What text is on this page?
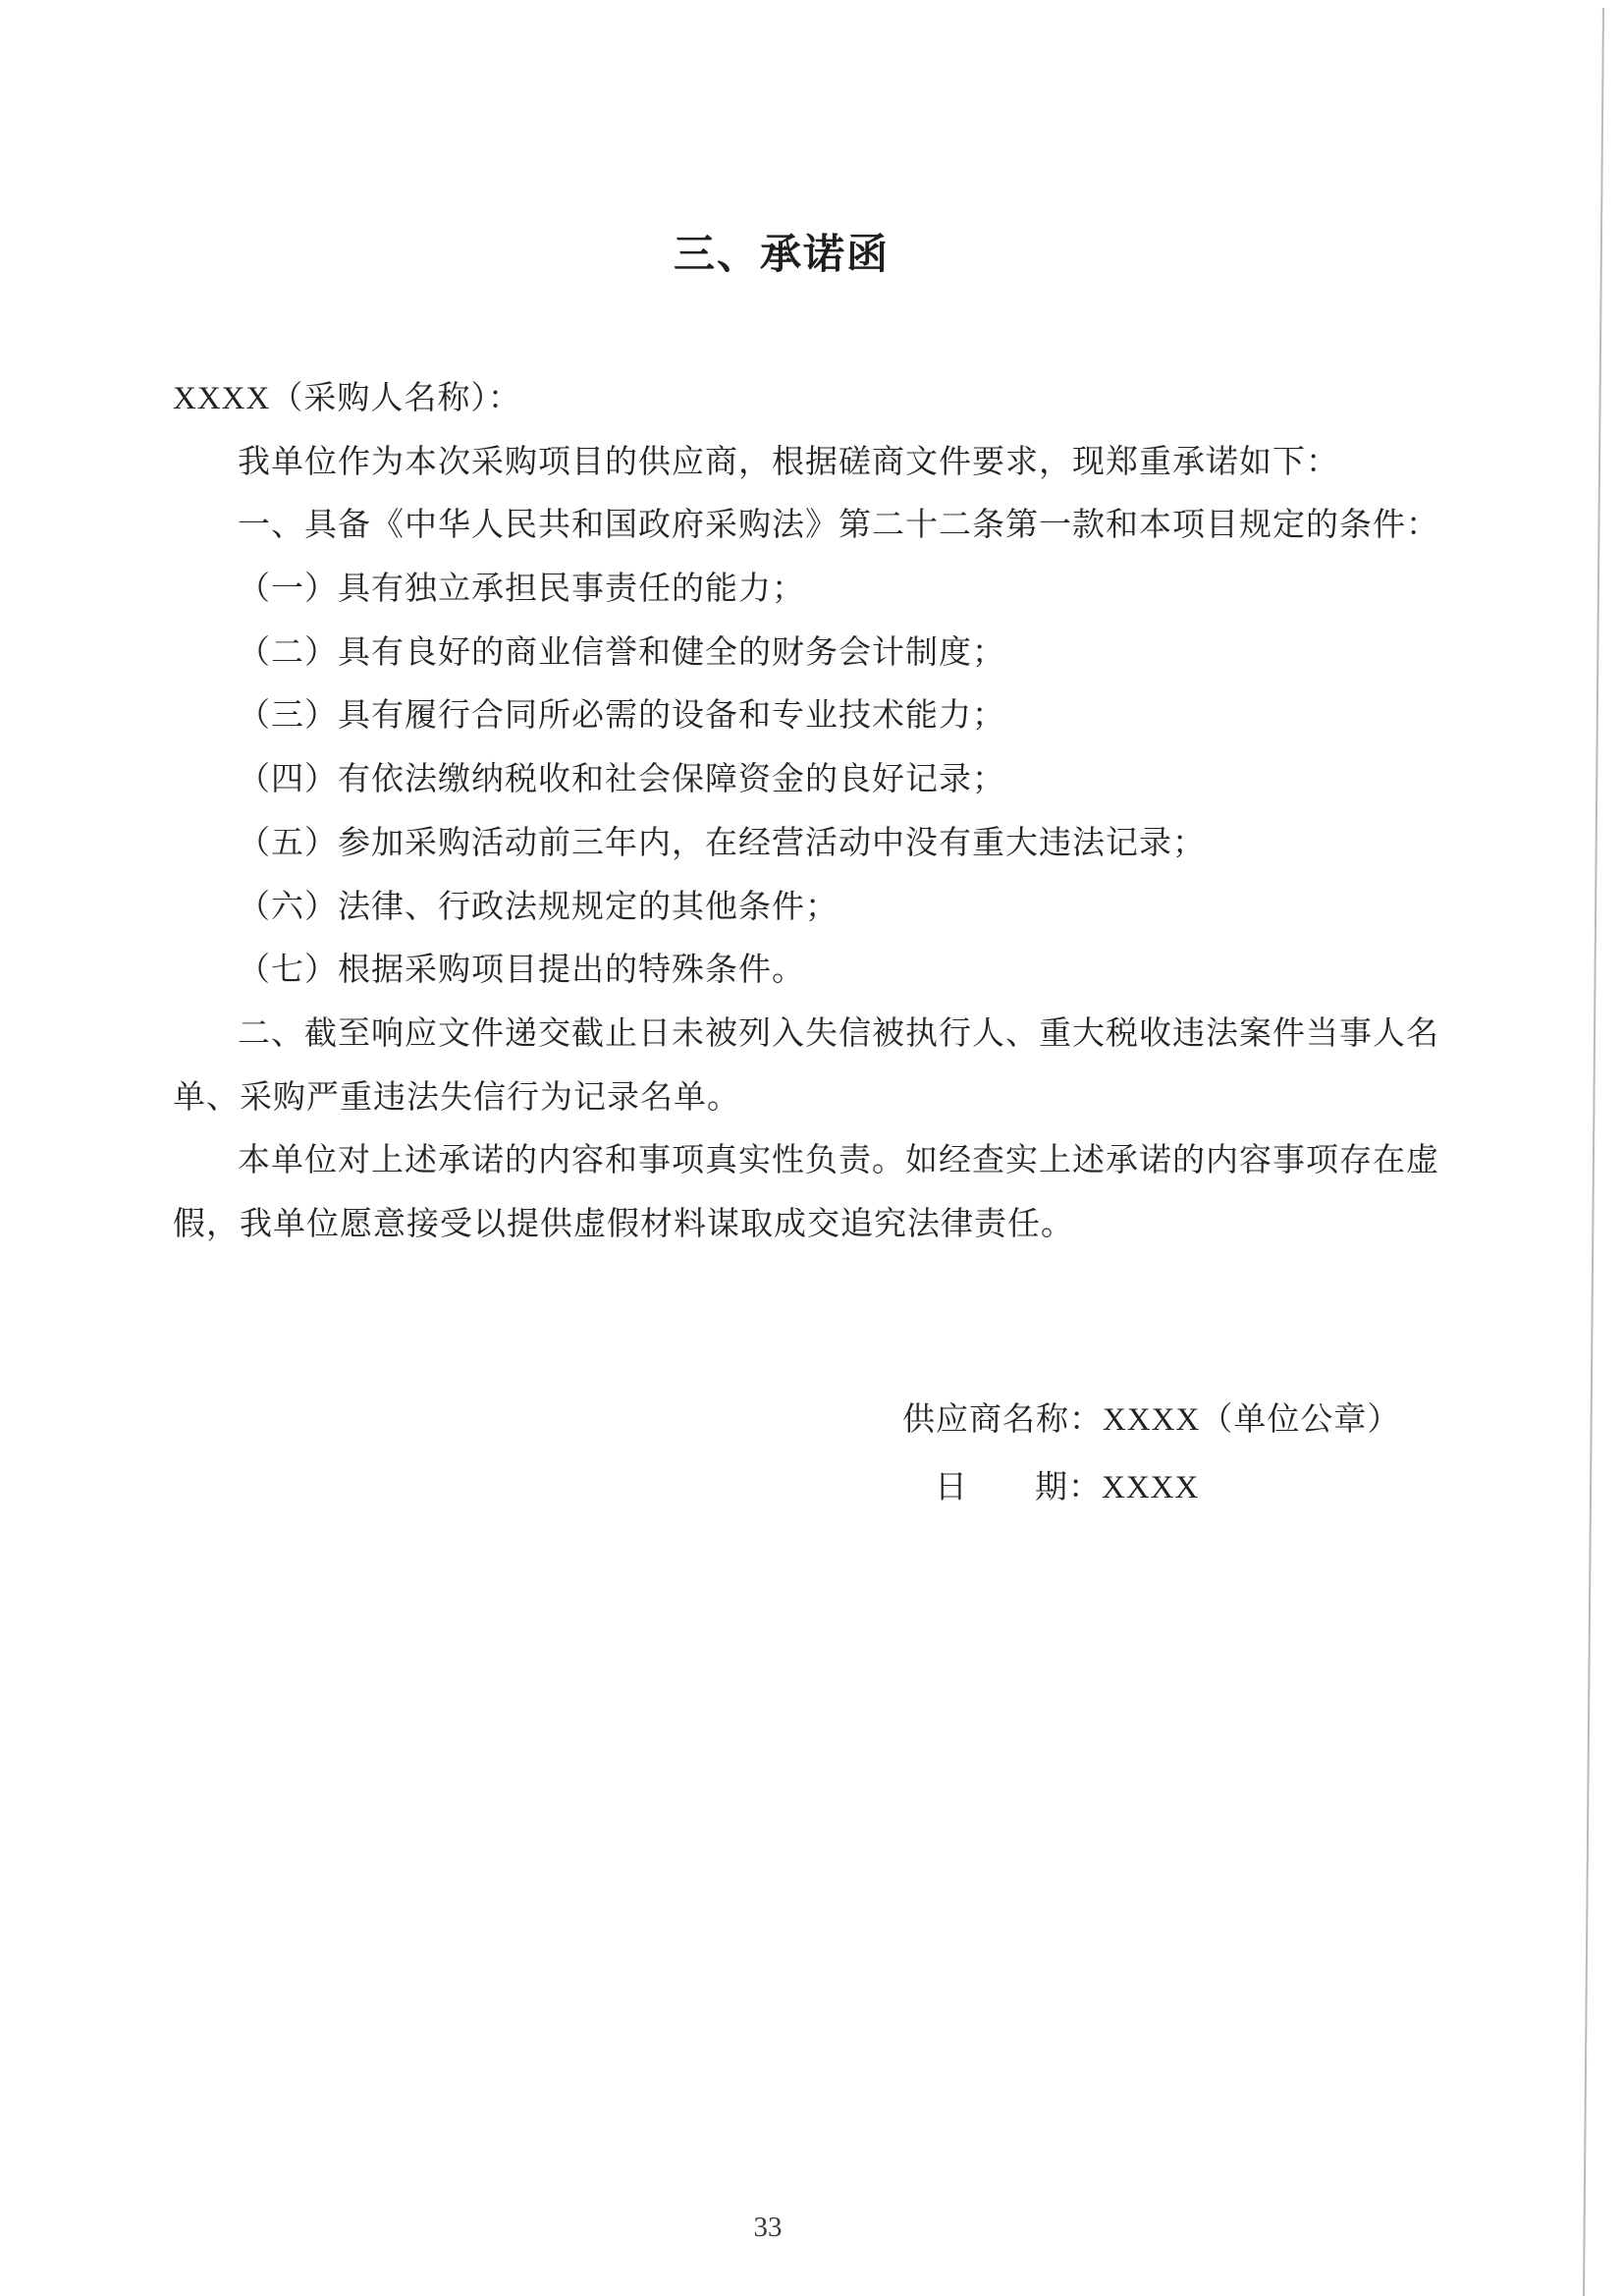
三、承诺函
XXXX（采购人名称）：
我单位作为本次采购项目的供应商，根据磋商文件要求，现郑重承诺如下：
一、具备《中华人民共和国政府采购法》第二十二条第一款和本项目规定的条件：
（一）具有独立承担民事责任的能力；
（二）具有良好的商业信誉和健全的财务会计制度；
（三）具有履行合同所必需的设备和专业技术能力；
（四）有依法缴纳税收和社会保障资金的良好记录；
（五）参加采购活动前三年内，在经营活动中没有重大违法记录；
（六）法律、行政法规规定的其他条件；
（七）根据采购项目提出的特殊条件。
二、截至响应文件递交截止日未被列入失信被执行人、重大税收违法案件当事人名
单、采购严重违法失信行为记录名单。
本单位对上述承诺的内容和事项真实性负责。如经查实上述承诺的内容事项存在虚
假，我单位愿意接受以提供虚假材料谋取成交追究法律责任。
供应商名称：XXXX（单位公章）
日　　期：XXXX
33
